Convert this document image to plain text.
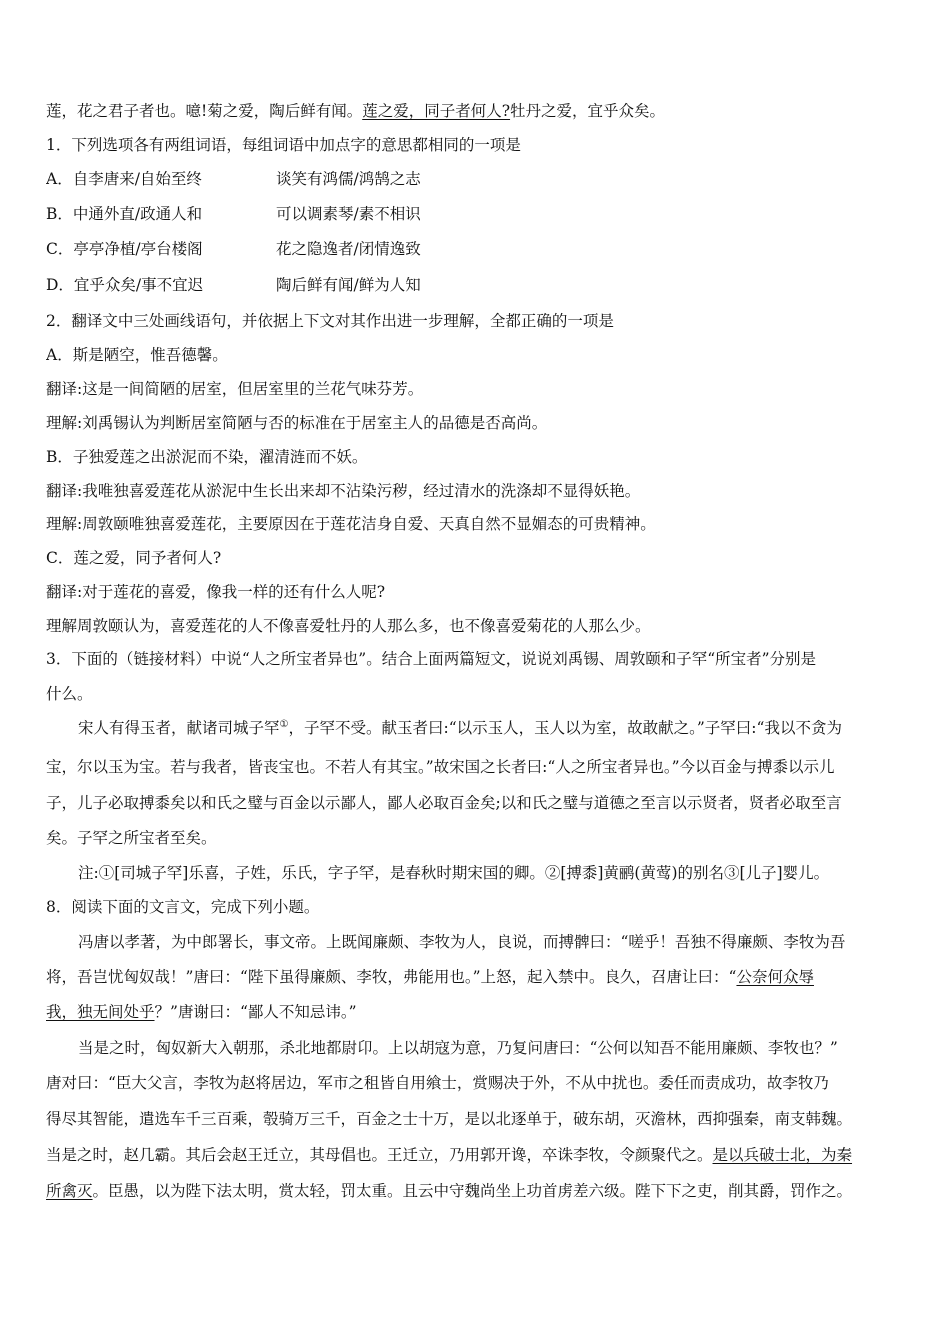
莲，花之君子者也。噫!菊之爱，陶后鲜有闻。莲之爱，同子者何人?牡丹之爱，宜乎众矣。
1．下列选项各有两组词语，每组词语中加点字的意思都相同的一项是
A．自李唐来/自始至终	谈笑有鸿儒/鸿鹄之志
B．中通外直/政通人和	可以调素琴/素不相识
C．亭亭净植/亭台楼阁	花之隐逸者/闭情逸致
D．宜乎众矣/事不宜迟	陶后鲜有闻/鲜为人知
2．翻译文中三处画线语句，并依据上下文对其作出进一步理解，全都正确的一项是
A．斯是陋空，惟吾德馨。
翻译:这是一间简陋的居室，但居室里的兰花气味芬芳。
理解:刘禹锡认为判断居室简陋与否的标准在于居室主人的品德是否高尚。
B．子独爱莲之出淤泥而不染，濯清涟而不妖。
翻译:我唯独喜爱莲花从淤泥中生长出来却不沾染污秽，经过清水的洗涤却不显得妖艳。
理解:周敦颐唯独喜爱莲花，主要原因在于莲花洁身自爱、天真自然不显媚态的可贵精神。
C．莲之爱，同予者何人?
翻译:对于莲花的喜爱，像我一样的还有什么人呢?
理解周敦颐认为，喜爱莲花的人不像喜爱牡丹的人那么多，也不像喜爱菊花的人那么少。
3．下面的（链接材料）中说“人之所宝者异也”。结合上面两篇短文，说说刘禹锡、周敦颐和子罕“所宝者”分别是
什么。
宋人有得玉者，献诸司城子罕①，子罕不受。献玉者曰:“以示玉人，玉人以为室，故敢献之。”子罕曰:“我以不贪为
宝，尔以玉为宝。若与我者，皆丧宝也。不若人有其宝。”故宋国之长者曰:“人之所宝者异也。”今以百金与搏黍以示儿
子，儿子必取搏黍矣以和氏之璧与百金以示鄙人，鄙人必取百金矣;以和氏之璧与道德之至言以示贤者，贤者必取至言
矣。子罕之所宝者至矣。
注:①[司城子罕]乐喜，子姓，乐氏，字子罕，是春秋时期宋国的卿。②[搏黍]黄鹂(黄莺)的别名③[儿子]婴儿。
8．阅读下面的文言文，完成下列小题。
冯唐以孝著，为中郎署长，事文帝。上既闻廉颇、李牧为人，良说，而搏髀曰：“嗟乎！吾独不得廉颇、李牧为吾
将，吾岂忧匈奴哉！”唐曰：“陛下虽得廉颇、李牧，弗能用也。”上怒，起入禁中。良久，召唐让曰：“公奈何众辱
我，独无间处乎？”唐谢曰：“鄙人不知忌讳。”
当是之时，匈奴新大入朝那，杀北地都尉卬。上以胡寇为意，乃复问唐曰：“公何以知吾不能用廉颇、李牧也？”
唐对曰：“臣大父言，李牧为赵将居边，军市之租皆自用飨士，赏赐决于外，不从中扰也。委任而责成功，故李牧乃
得尽其智能，遣选车千三百乘，彀骑万三千，百金之士十万，是以北逐单于，破东胡，灭澹林，西抑强秦，南支韩魏。
当是之时，赵几霸。其后会赵王迁立，其母倡也。王迁立，乃用郭开谗，卒诛李牧，令颜聚代之。是以兵破士北，为秦
所禽灭。臣愚，以为陛下法太明，赏太轻，罚太重。且云中守魏尚坐上功首虏差六级。陛下下之吏，削其爵，罚作之。
